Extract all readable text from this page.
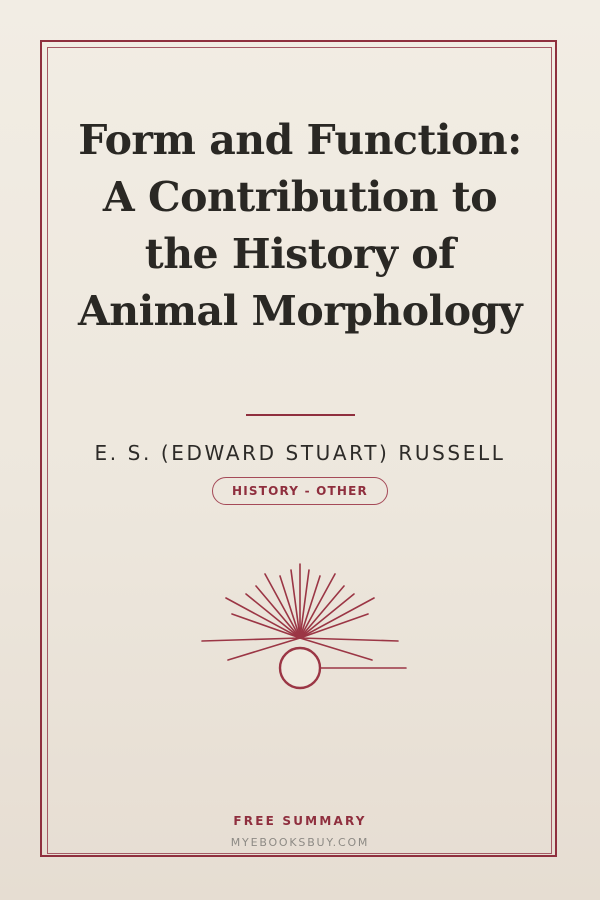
Form and Function: A Contribution to the History of Animal Morphology
E. S. (EDWARD STUART) RUSSELL
HISTORY - OTHER
FREE SUMMARY
MYEBOOKSBUY.COM
